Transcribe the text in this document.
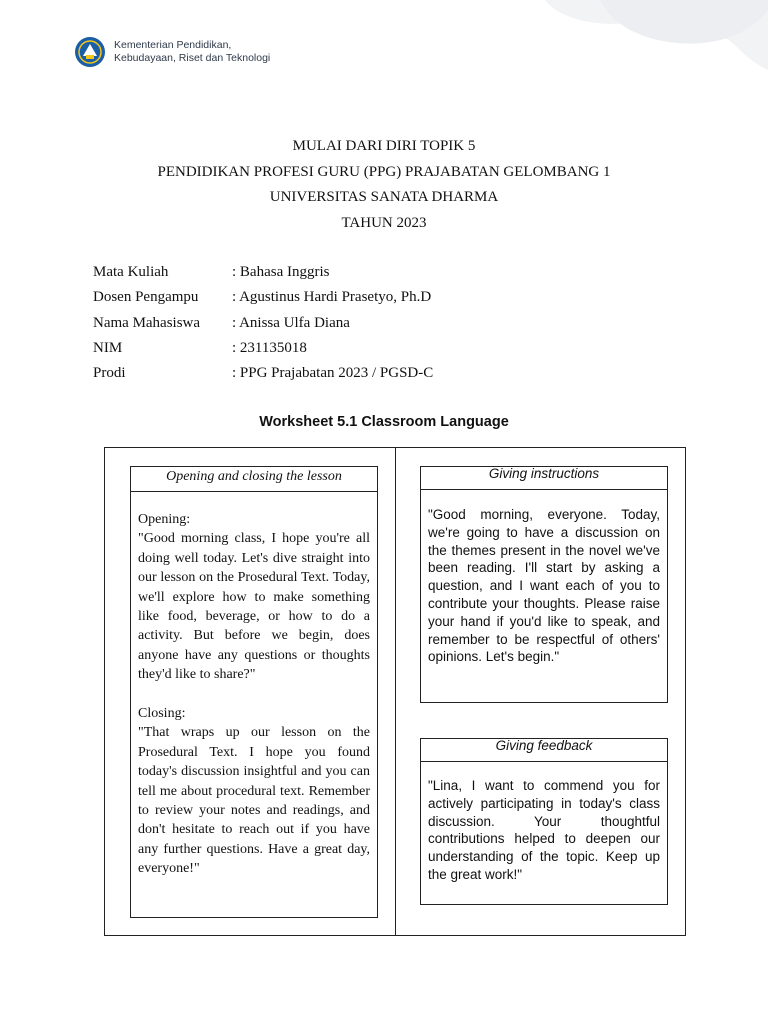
Kementerian Pendidikan,
Kebudayaan, Riset dan Teknologi
MULAI DARI DIRI TOPIK 5
PENDIDIKAN PROFESI GURU (PPG) PRAJABATAN GELOMBANG 1
UNIVERSITAS SANATA DHARMA
TAHUN 2023
Mata Kuliah	: Bahasa Inggris
Dosen Pengampu	: Agustinus Hardi Prasetyo, Ph.D
Nama Mahasiswa	: Anissa Ulfa Diana
NIM	: 231135018
Prodi	: PPG Prajabatan 2023 / PGSD-C
Worksheet 5.1 Classroom Language
Opening and closing the lesson

Opening:

"Good morning class, I hope you're all doing well today. Let's dive straight into our lesson on the Prosedural Text. Today, we'll explore how to make something like food, beverage, or how to do a activity. But before we begin, does anyone have any questions or thoughts they'd like to share?"

Closing:

"That wraps up our lesson on the Prosedural Text. I hope you found today's discussion insightful and you can tell me about procedural text. Remember to review your notes and readings, and don't hesitate to reach out if you have any further questions. Have a great day, everyone!"

Giving instructions
"Good morning, everyone. Today, we're going to have a discussion on the themes present in the novel we've been reading. I'll start by asking a question, and I want each of you to contribute your thoughts. Please raise your hand if you'd like to speak, and remember to be respectful of others' opinions. Let's begin."
Giving feedback
"Lina, I want to commend you for actively participating in today's class discussion. Your thoughtful contributions helped to deepen our understanding of the topic. Keep up the great work!"
